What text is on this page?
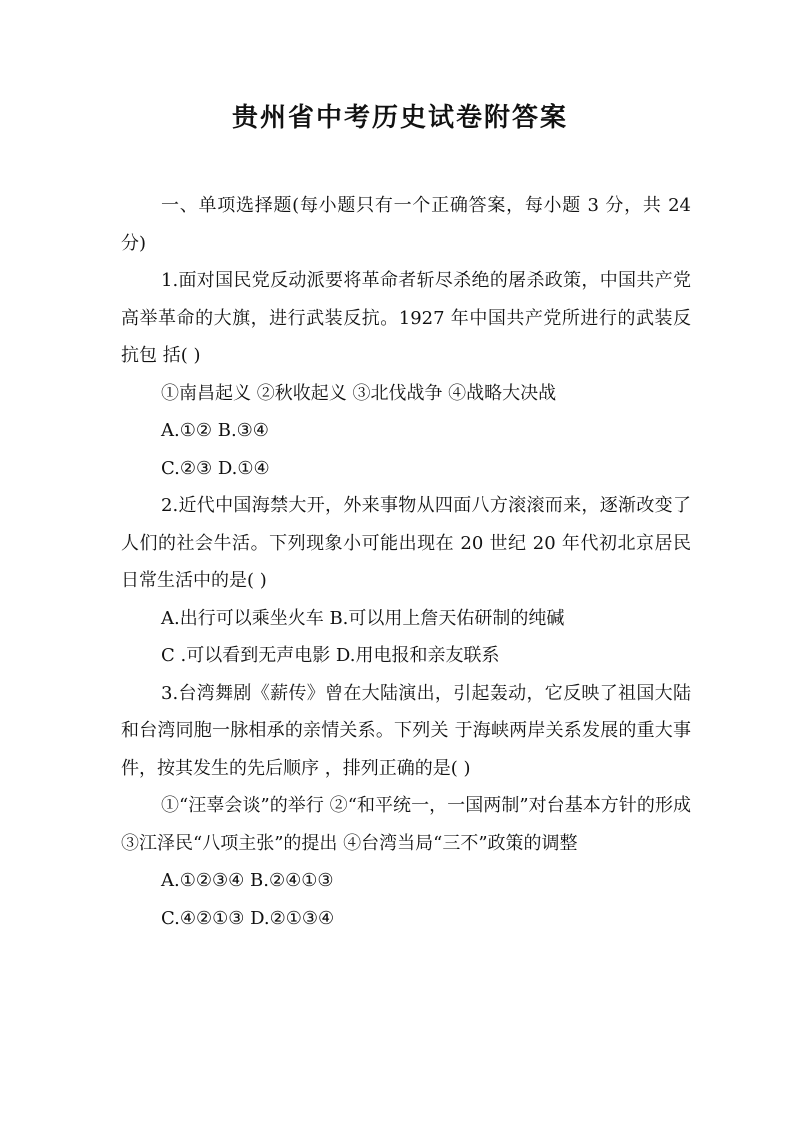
贵州省中考历史试卷附答案

一、单项选择题(每小题只有一个正确答案，每小题 3 分，共 24 分)

1.面对国民党反动派要将革命者斩尽杀绝的屠杀政策，中国共产党高举革命的大旗，进行武装反抗。1927 年中国共产党所进行的武装反抗包 括( )

①南昌起义 ②秋收起义 ③北伐战争 ④战略大决战

A.①② B.③④

C.②③ D.①④

2.近代中国海禁大开，外来事物从四面八方滚滚而来，逐渐改变了人们的社会牛活。下列现象小可能出现在 20 世纪 20 年代初北京居民日常生活中的是( )

A.出行可以乘坐火车 B.可以用上詹天佑研制的纯碱

C .可以看到无声电影 D.用电报和亲友联系

3.台湾舞剧《薪传》曾在大陆演出，引起轰动，它反映了祖国大陆和台湾同胞一脉相承的亲情关系。下列关 于海峡两岸关系发展的重大事件，按其发生的先后顺序 ，排列正确的是( )

①“汪辜会谈”的举行 ②“和平统一，一国两制”对台基本方针的形成 ③江泽民“八项主张”的提出 ④台湾当局“三不”政策的调整

A.①②③④ B.②④①③

C.④②①③ D.②①③④
